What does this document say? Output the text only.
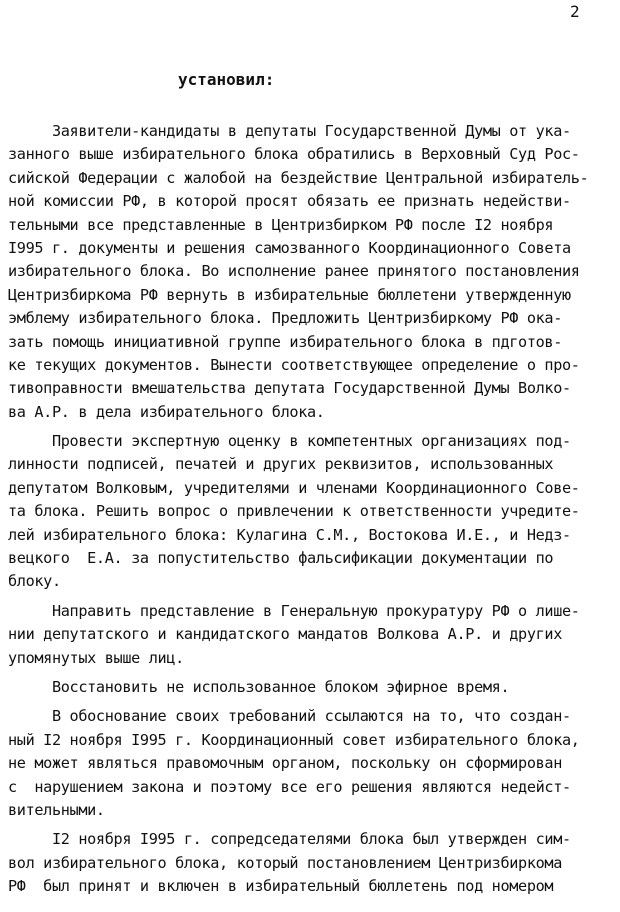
2
установил:
Заявители-кандидаты в депутаты Государственной Думы от ука-
занного выше избирательного блока обратились в Верховный Суд Рос-
сийской Федерации с жалобой на бездействие Центральной избиратель-
ной комиссии РФ, в которой просят обязать ее признать недействи-
тельными все представленные в Центризбирком РФ после I2 ноября
I995 г. документы и решения самозванного Координационного Совета
избирательного блока. Во исполнение ранее принятого постановления
Центризбиркома РФ вернуть в избирательные бюллетени утвержденную
эмблему избирательного блока. Предложить Центризбиркому РФ ока-
зать помощь инициативной группе избирательного блока в пдготов-
ке текущих документов. Вынести соответствующее определение о про-
тивоправности вмешательства депутата Государственной Думы Волко-
ва А.Р. в дела избирательного блока.
Провести экспертную оценку в компетентных организациях под-
линности подписей, печатей и других реквизитов, использованных
депутатом Волковым, учредителями и членами Координационного Сове-
та блока. Решить вопрос о привлечении к ответственности учредите-
лей избирательного блока: Кулагина С.М., Востокова И.Е., и Недз-
вецкого  Е.А. за попустительство фальсификации документации по
блоку.
Направить представление в Генеральную прокуратуру РФ о лише-
нии депутатского и кандидатского мандатов Волкова А.Р. и других
упомянутых выше лиц.
Восстановить не использованное блоком эфирное время.
В обоснование своих требований ссылаются на то, что создан-
ный I2 ноября I995 г. Координационный совет избирательного блока,
не может являться правомочным органом, поскольку он сформирован
с  нарушением закона и поэтому все его решения являются недейст-
вительными.
I2 ноября I995 г. сопредседателями блока был утвержден сим-
вол избирательного блока, который постановлением Центризбиркома
РФ  был принят и включен в избирательный бюллетень под номером
